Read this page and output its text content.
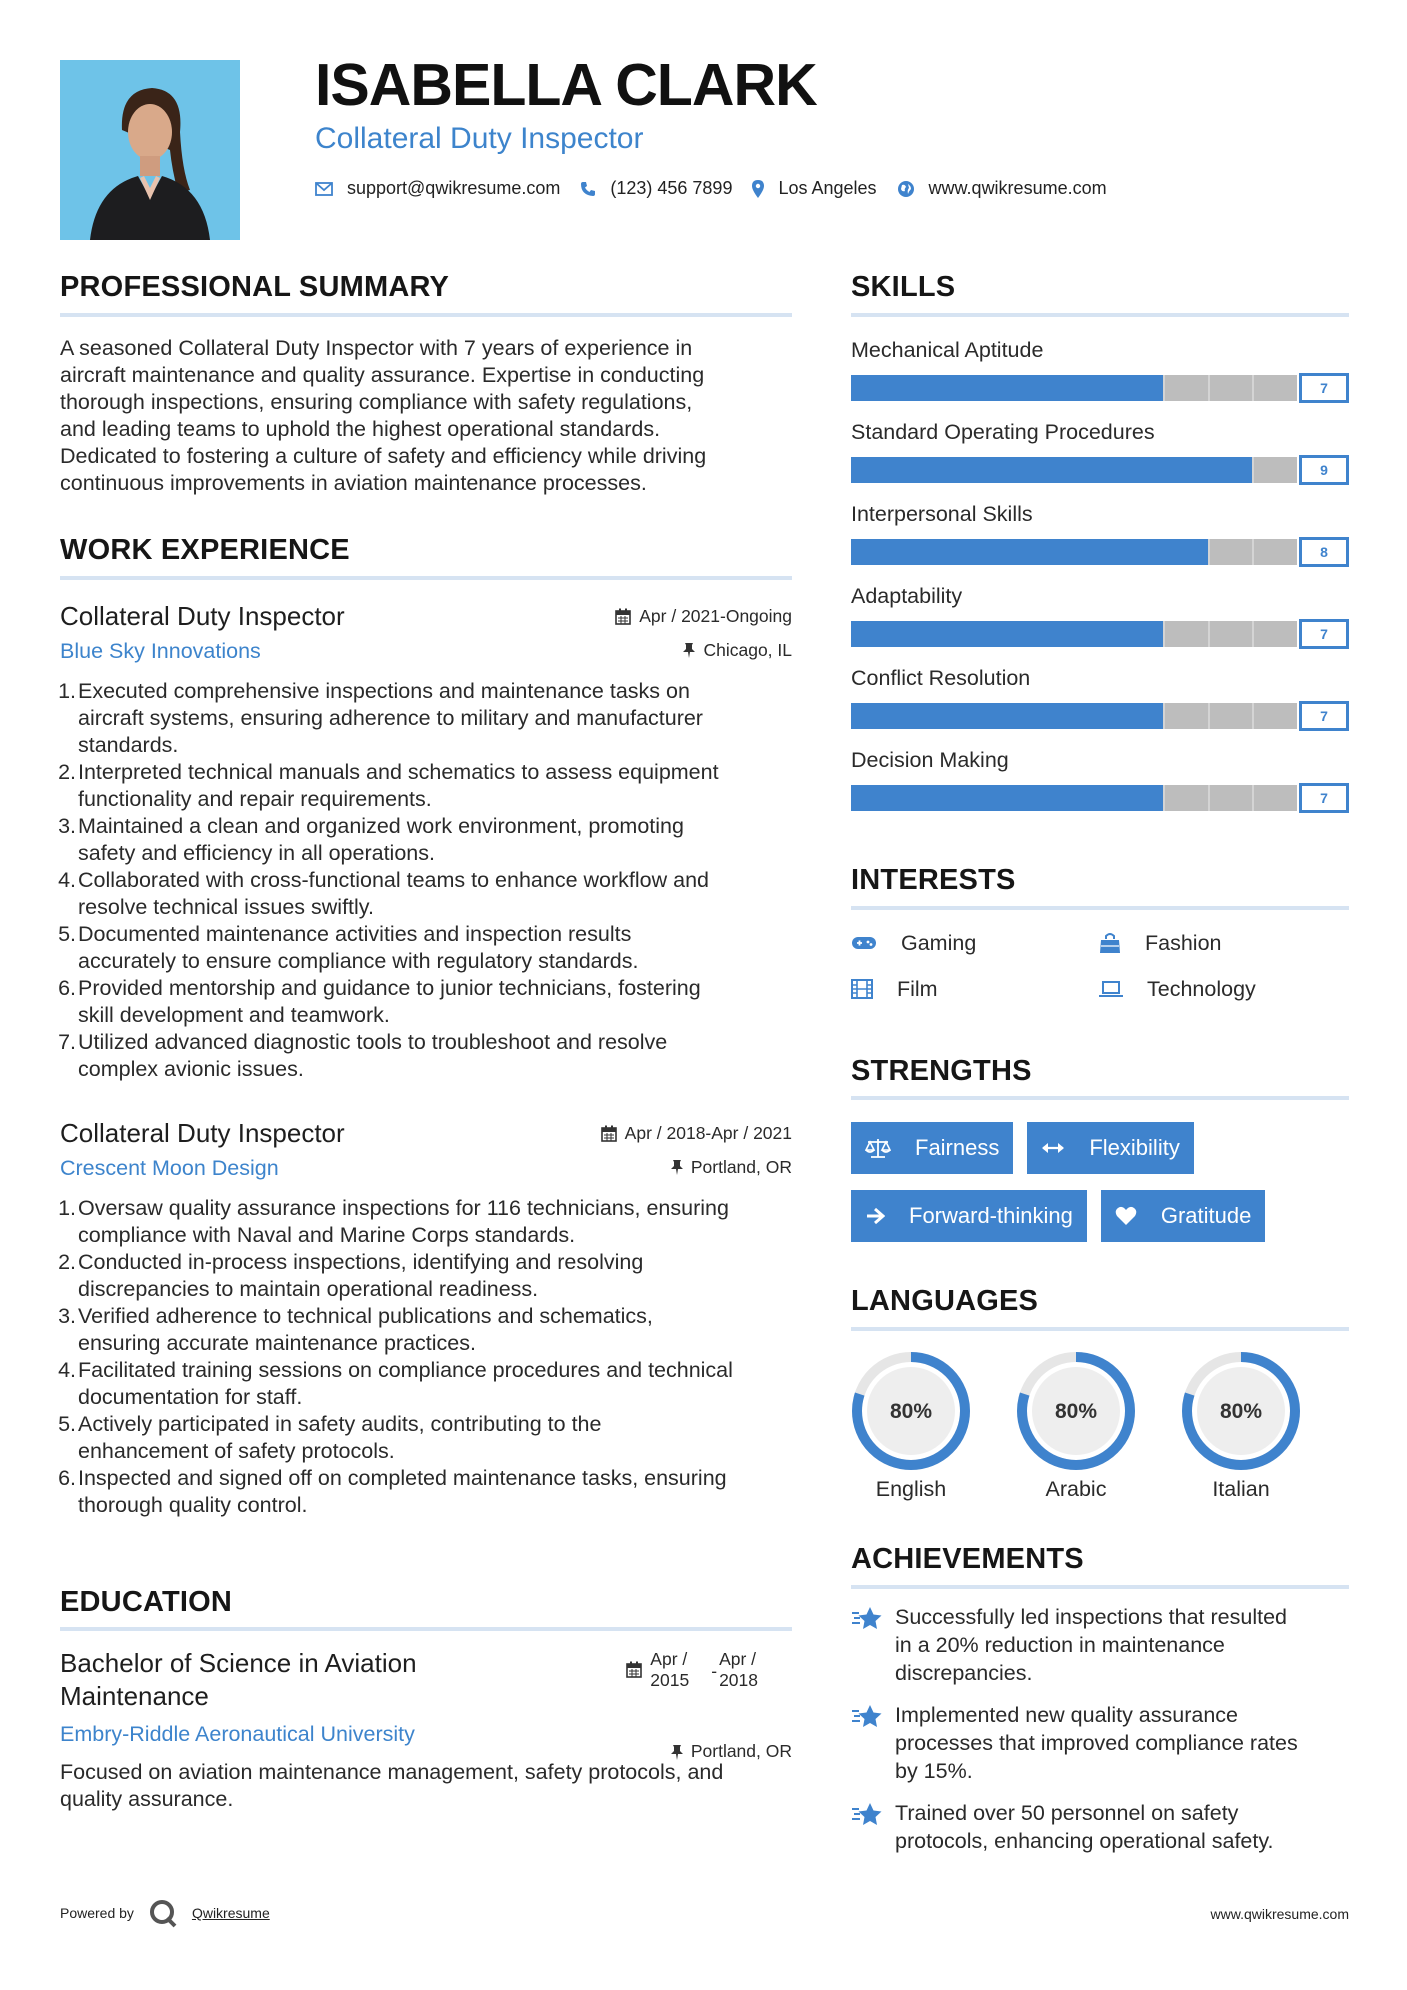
ISABELLA CLARK
Collateral Duty Inspector
support@qwikresume.com	(123) 456 7899	Los Angeles	www.qwikresume.com
PROFESSIONAL SUMMARY
A seasoned Collateral Duty Inspector with 7 years of experience in
aircraft maintenance and quality assurance. Expertise in conducting
thorough inspections, ensuring compliance with safety regulations,
and leading teams to uphold the highest operational standards.
Dedicated to fostering a culture of safety and efficiency while driving
continuous improvements in aviation maintenance processes.
WORK EXPERIENCE
Collateral Duty Inspector
Blue Sky Innovations
Apr / 2021-Ongoing
Chicago, IL
1. Executed comprehensive inspections and maintenance tasks on
aircraft systems, ensuring adherence to military and manufacturer
standards.
2. Interpreted technical manuals and schematics to assess equipment
functionality and repair requirements.
3. Maintained a clean and organized work environment, promoting
safety and efficiency in all operations.
4. Collaborated with cross-functional teams to enhance workflow and
resolve technical issues swiftly.
5. Documented maintenance activities and inspection results
accurately to ensure compliance with regulatory standards.
6. Provided mentorship and guidance to junior technicians, fostering
skill development and teamwork.
7. Utilized advanced diagnostic tools to troubleshoot and resolve
complex avionic issues.
Collateral Duty Inspector
Crescent Moon Design
Apr / 2018-Apr / 2021
Portland, OR
1. Oversaw quality assurance inspections for 116 technicians, ensuring
compliance with Naval and Marine Corps standards.
2. Conducted in-process inspections, identifying and resolving
discrepancies to maintain operational readiness.
3. Verified adherence to technical publications and schematics,
ensuring accurate maintenance practices.
4. Facilitated training sessions on compliance procedures and technical
documentation for staff.
5. Actively participated in safety audits, contributing to the
enhancement of safety protocols.
6. Inspected and signed off on completed maintenance tasks, ensuring
thorough quality control.
EDUCATION
Bachelor of Science in Aviation
Maintenance
Embry-Riddle Aeronautical University
Apr /
2015 -
Apr /
2018
Portland, OR
Focused on aviation maintenance management, safety protocols, and
quality assurance.
SKILLS
Mechanical Aptitude
7
Standard Operating Procedures
9
Interpersonal Skills
8
Adaptability
7
Conflict Resolution
7
Decision Making
7
INTERESTS
Gaming	Fashion
Film	Technology
STRENGTHS
Fairness	Flexibility
Forward-thinking	Gratitude
LANGUAGES
80%
English
80%
Arabic
80%
Italian
ACHIEVEMENTS
Successfully led inspections that resulted
in a 20% reduction in maintenance
discrepancies.
Implemented new quality assurance
processes that improved compliance rates
by 15%.
Trained over 50 personnel on safety
protocols, enhancing operational safety.
Powered by	Qwikresume	www.qwikresume.com
